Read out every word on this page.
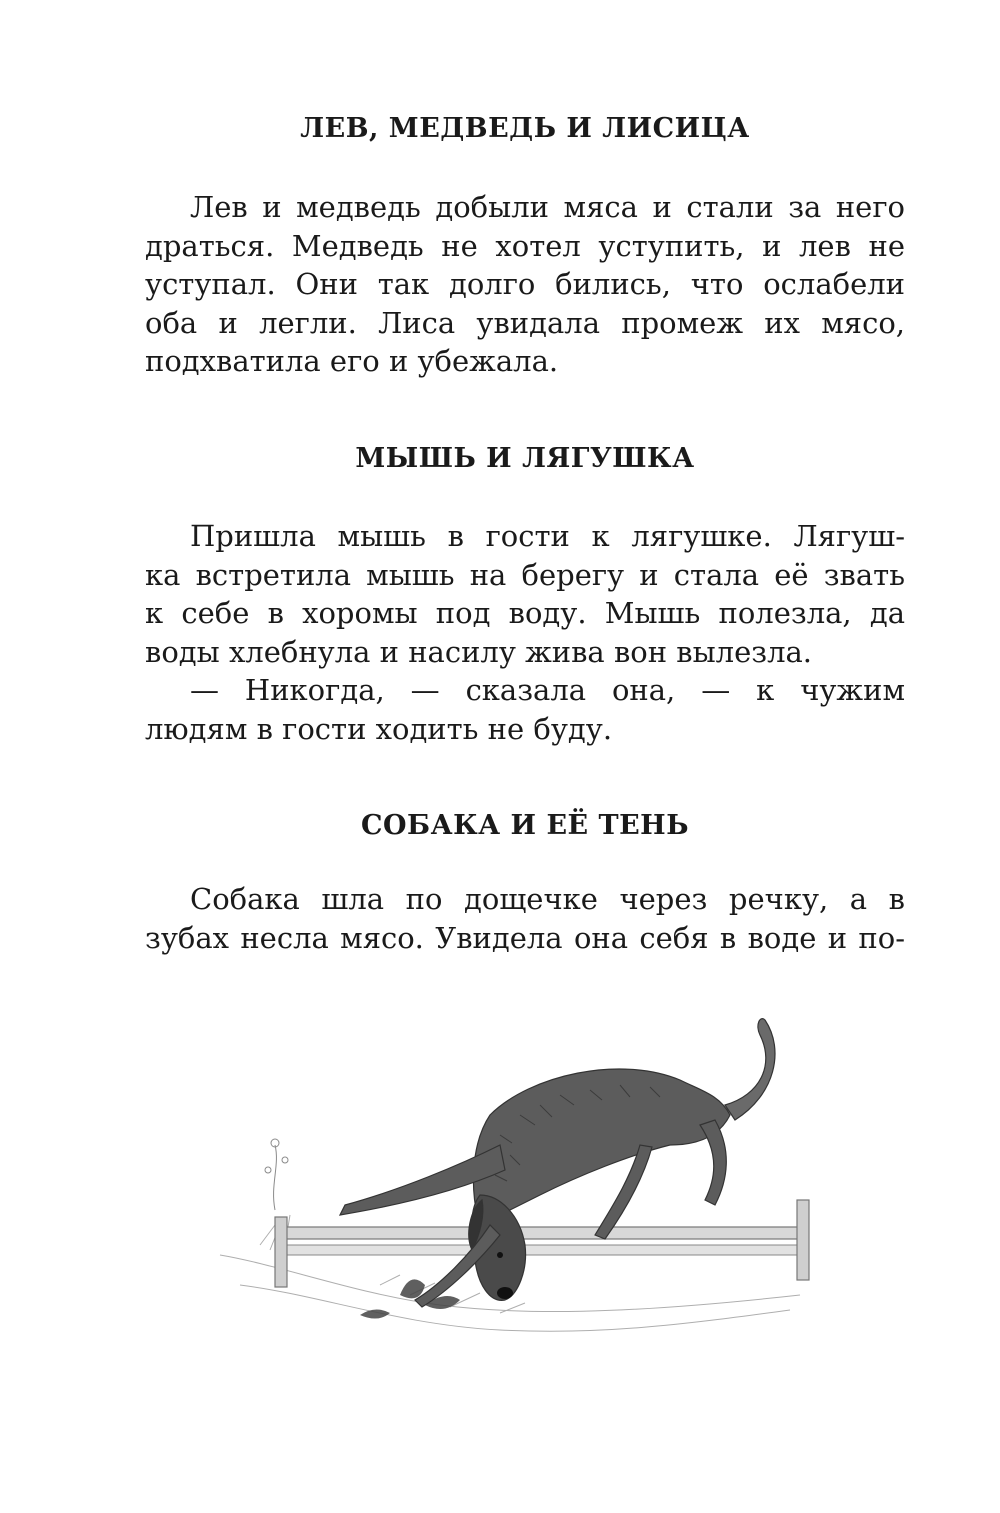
ЛЕВ, МЕДВЕДЬ И ЛИСИЦА
Лев и медведь добыли мяса и стали за него
драться. Медведь не хотел уступить, и лев не
уступал. Они так долго бились, что ослабели
оба и легли. Лиса увидала промеж их мясо,
подхватила его и убежала.
МЫШЬ И ЛЯГУШКА
Пришла мышь в гости к лягушке. Лягуш-
ка встретила мышь на берегу и стала её звать
к себе в хоромы под воду. Мышь полезла, да
воды хлебнула и насилу жива вон вылезла.
— Никогда, — сказала она, — к чужим
людям в гости ходить не буду.
СОБАКА И ЕЁ ТЕНЬ
Собака шла по дощечке через речку, а в
зубах несла мясо. Увидела она себя в воде и по-
